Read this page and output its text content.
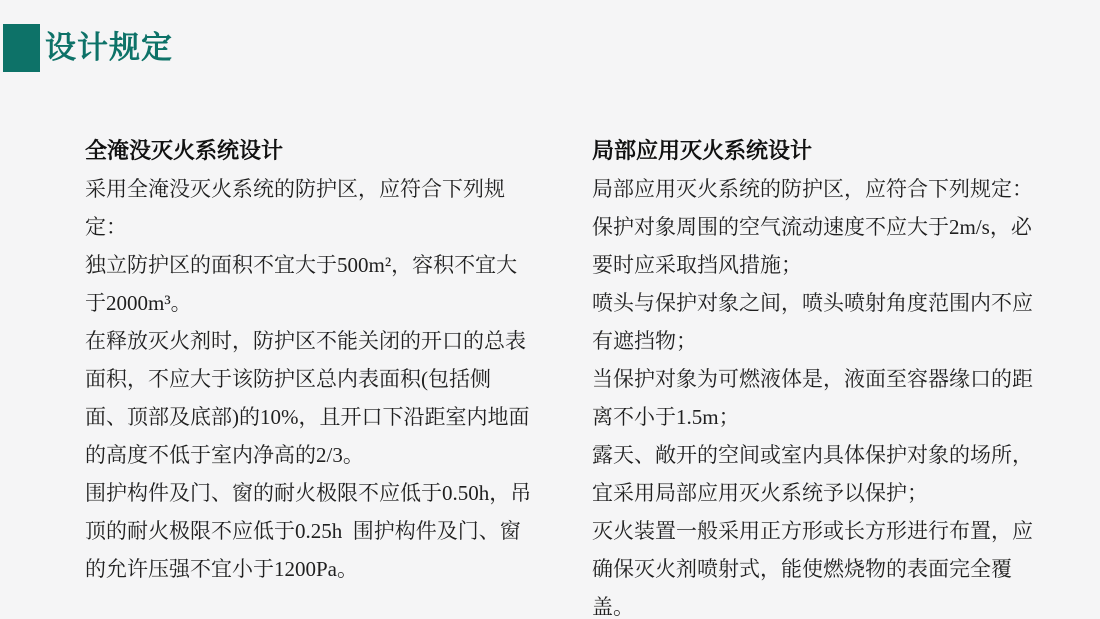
设计规定
全淹没灭火系统设计

采用全淹没灭火系统的防护区，应符合下列规定：

独立防护区的面积不宜大于500m²，容积不宜大于2000m³。

在释放灭火剂时，防护区不能关闭的开口的总表面积，不应大于该防护区总内表面积(包括侧面、顶部及底部)的10%，且开口下沿距室内地面的高度不低于室内净高的2/3。

围护构件及门、窗的耐火极限不应低于0.50h，吊顶的耐火极限不应低于0.25h  围护构件及门、窗的允许压强不宜小于1200Pa。

局部应用灭火系统设计

局部应用灭火系统的防护区，应符合下列规定：

保护对象周围的空气流动速度不应大于2m/s，必要时应采取挡风措施；

喷头与保护对象之间，喷头喷射角度范围内不应有遮挡物；

当保护对象为可燃液体是，液面至容器缘口的距离不小于1.5m；

露天、敞开的空间或室内具体保护对象的场所，宜采用局部应用灭火系统予以保护；

灭火装置一般采用正方形或长方形进行布置，应确保灭火剂喷射式，能使燃烧物的表面完全覆盖。
